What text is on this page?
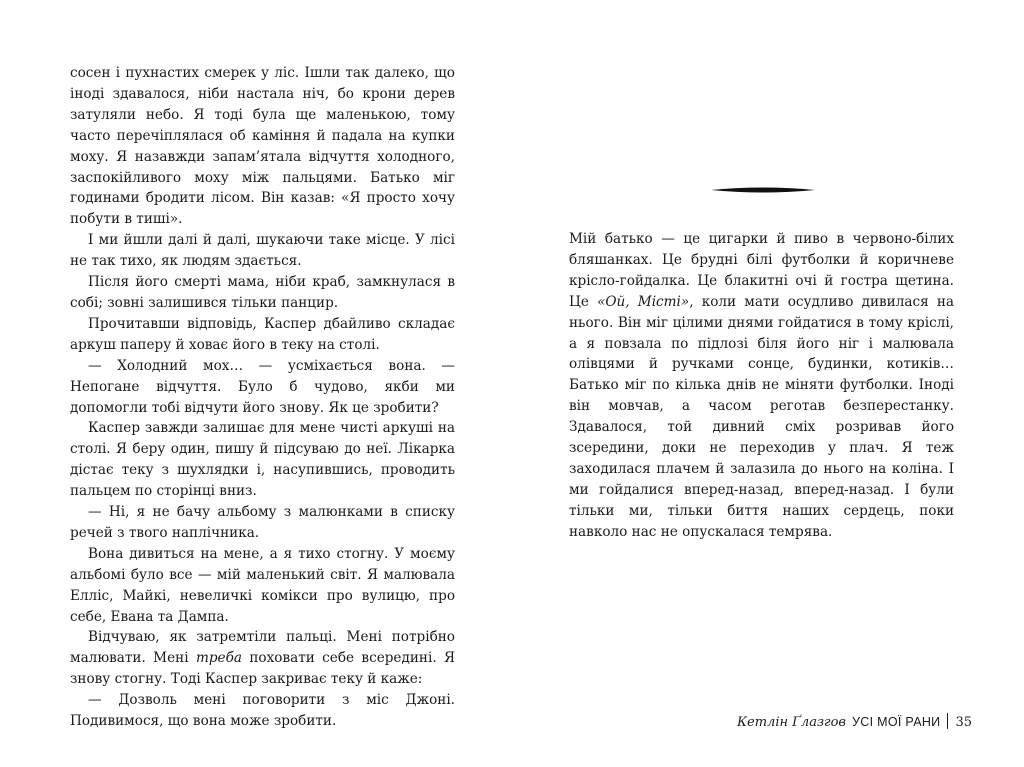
сосен і пухнастих смерек у ліс. Ішли так далеко, що іноді здавалося, ніби настала ніч, бо крони дерев затуляли небо. Я тоді була ще маленькою, тому часто перечіплялася об каміння й падала на купки моху. Я назавжди запам’ятала відчуття холодного, заспокійливого моху між пальцями. Батько міг годинами бродити лісом. Він казав: «Я просто хочу побути в тиші».

І ми йшли далі й далі, шукаючи таке місце. У лісі не так тихо, як людям здається.

Після його смерті мама, ніби краб, замкнулася в собі; зовні залишився тільки панцир.

Прочитавши відповідь, Каспер дбайливо складає аркуш паперу й ховає його в теку на столі.

— Холодний мох… — усміхається вона. — Непогане відчуття. Було б чудово, якби ми допомогли тобі відчути його знову. Як це зробити?

Каспер завжди залишає для мене чисті аркуші на столі. Я беру один, пишу й підсуваю до неї. Лікарка дістає теку з шухлядки і, насупившись, проводить пальцем по сторінці вниз.

— Ні, я не бачу альбому з малюнками в списку речей з твого наплічника.

Вона дивиться на мене, а я тихо стогну. У моєму альбомі було все — мій маленький світ. Я малювала Елліс, Майкі, невеличкі комікси про вулицю, про себе, Евана та Дампа.

Відчуваю, як затремтіли пальці. Мені потрібно малювати. Мені треба поховати себе всередині. Я знову стогну. Тоді Каспер закриває теку й каже:

— Дозволь мені поговорити з міс Джоні. Подивимося, що вона може зробити.

Мій батько — це цигарки й пиво в червоно-білих бляшанках. Це брудні білі футболки й коричневе крісло-гойдалка. Це блакитні очі й гостра щетина. Це «Ой, Місті», коли мати осудливо дивилася на нього. Він міг цілими днями гойдатися в тому кріслі, а я повзала по підлозі біля його ніг і малювала олівцями й ручками сонце, будинки, котиків… Батько міг по кілька днів не міняти футболки. Іноді він мовчав, а часом реготав безперестанку. Здавалося, той дивний сміх розривав його зсередини, доки не переходив у плач. Я теж заходилася плачем й залазила до нього на коліна. І ми гойдалися вперед-назад, вперед-назад. І були тільки ми, тільки биття наших сердець, поки навколо нас не опускалася темрява.

Кетлін Ґлазгов УСІ МОЇ РАНИ 35
